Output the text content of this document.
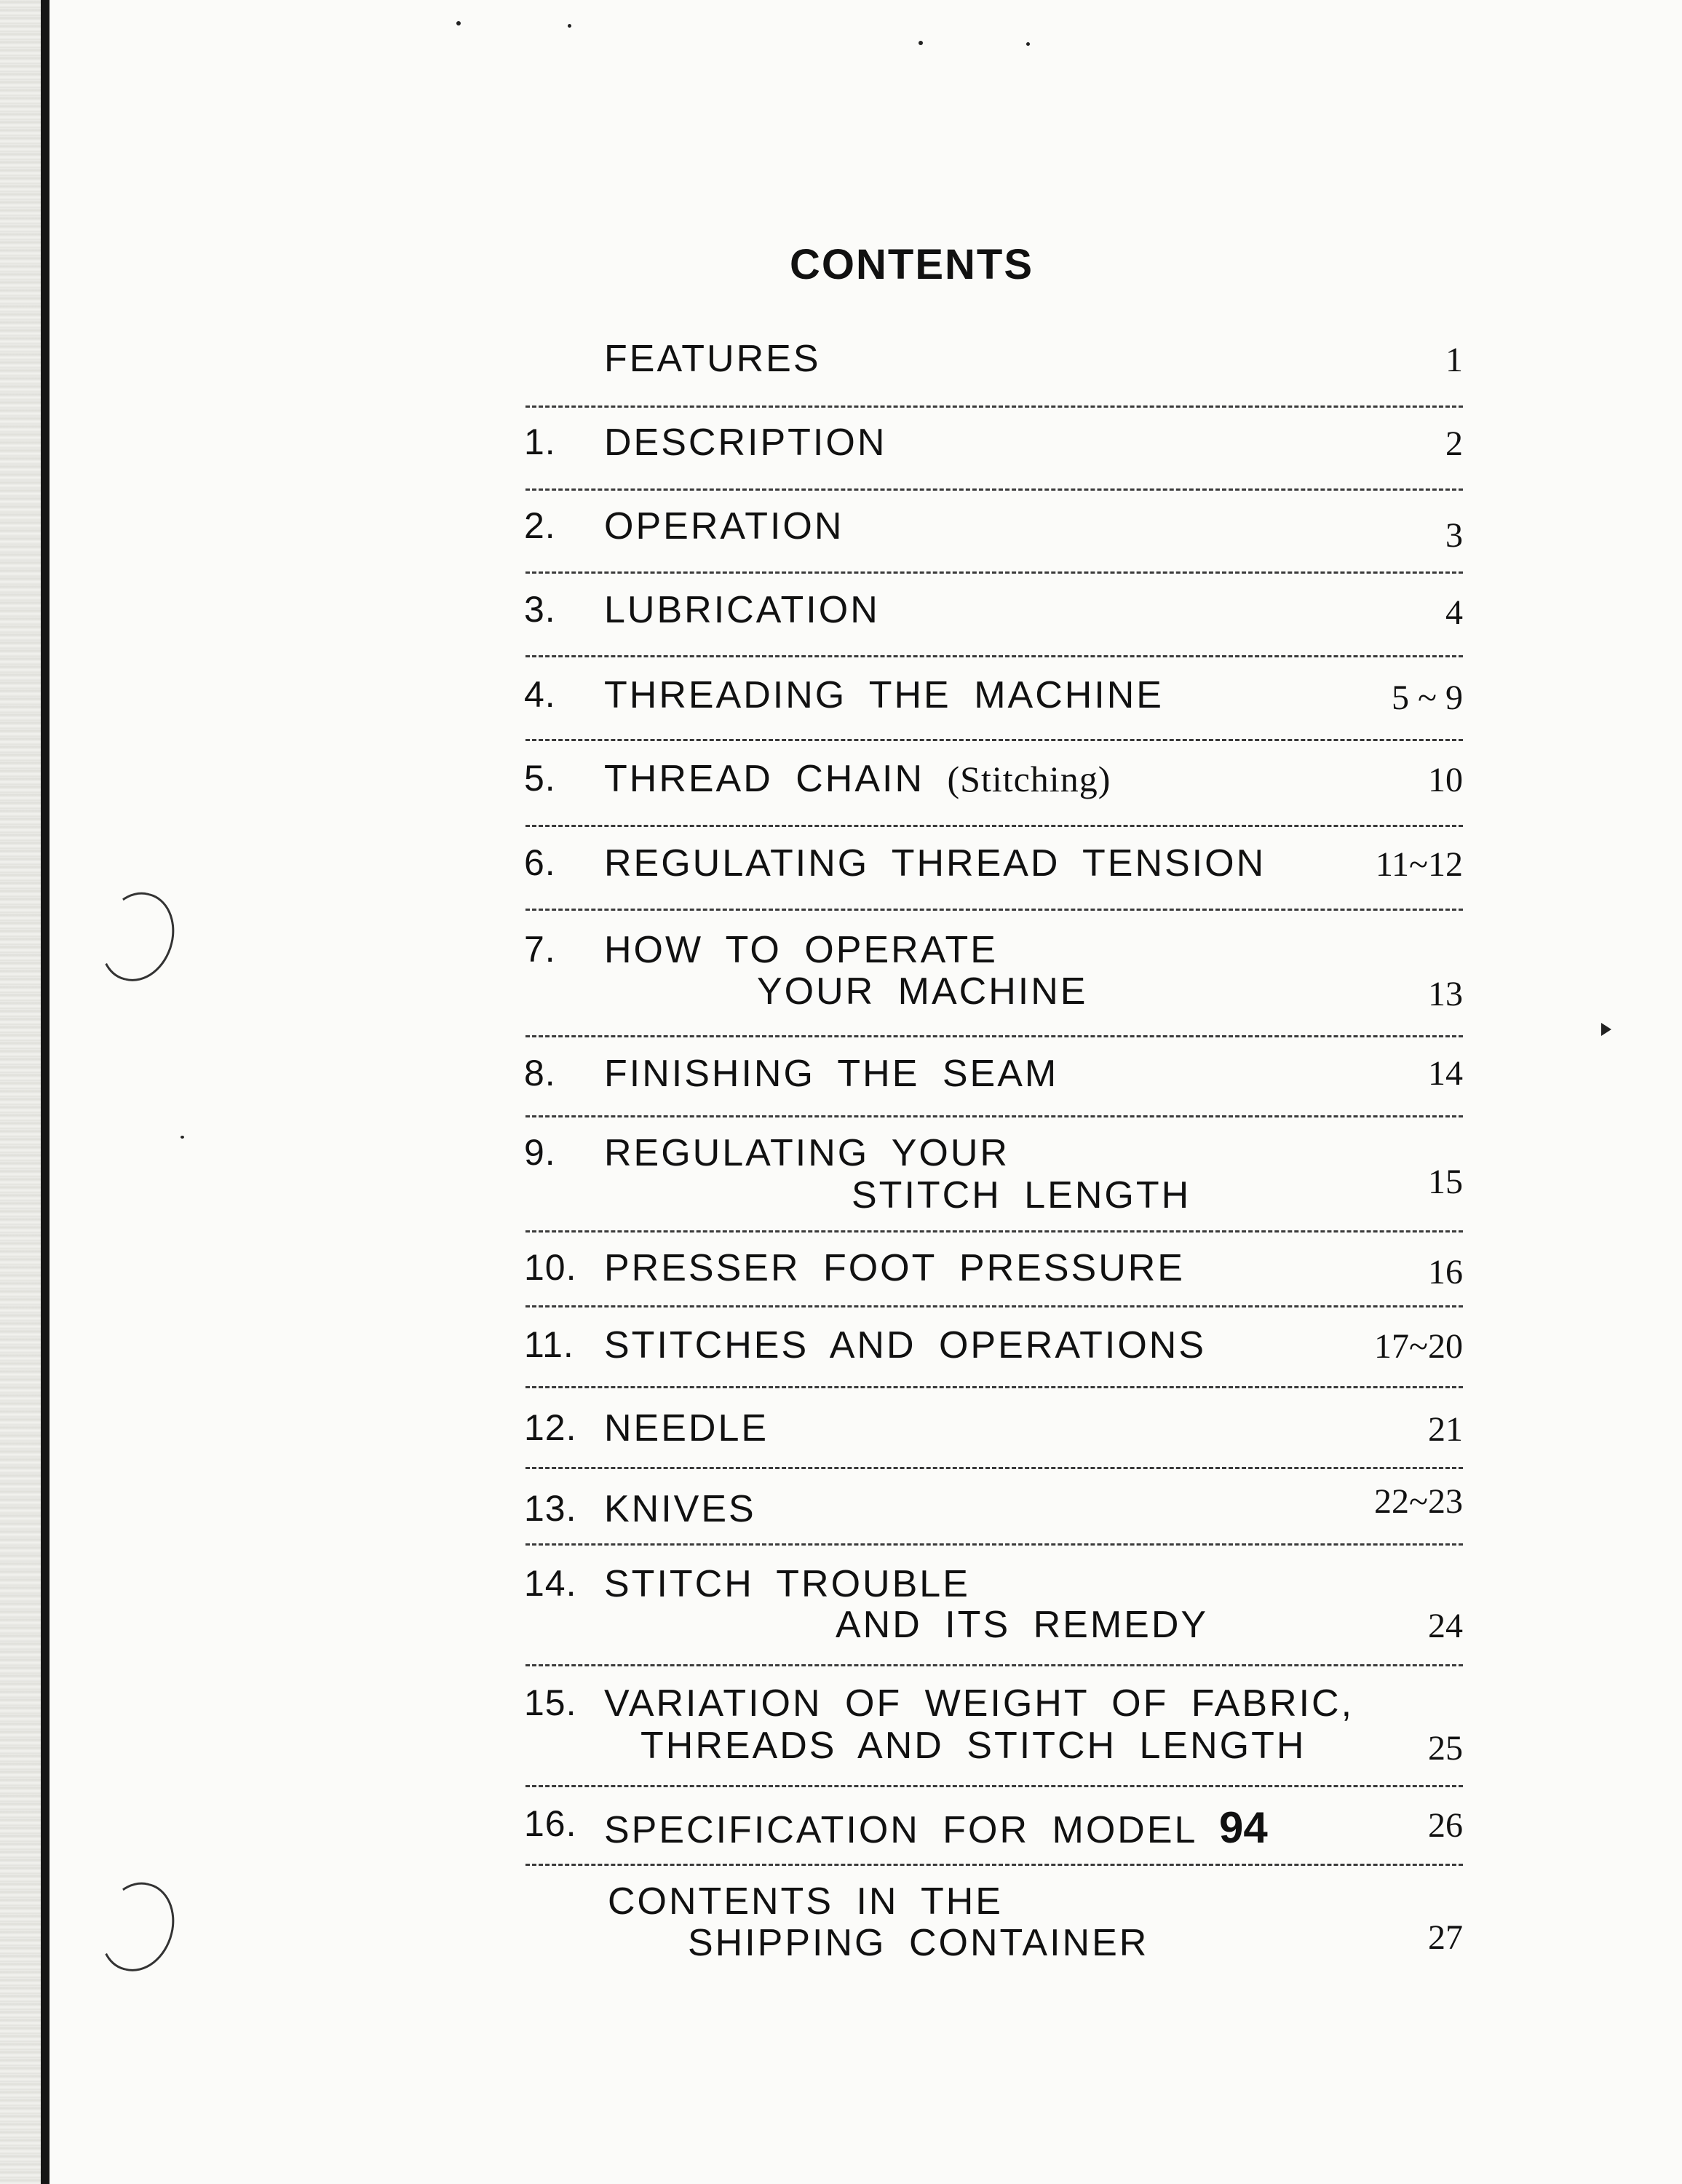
CONTENTS
FEATURES	1
1.	DESCRIPTION	2
2.	OPERATION	3
3.	LUBRICATION	4
4.	THREADING THE MACHINE	5 ~ 9
5.	THREAD CHAIN (Stitching)	10
6.	REGULATING THREAD TENSION	11~12
7.	HOW TO OPERATE
YOUR MACHINE	13
8.	FINISHING THE SEAM	14
9.	REGULATING YOUR
STITCH LENGTH	15
10. PRESSER FOOT PRESSURE	16
11. STITCHES AND OPERATIONS	17~20
12. NEEDLE	21
13. KNIVES	22~23
14. STITCH TROUBLE
AND ITS REMEDY	24
15. VARIATION OF WEIGHT OF FABRIC,
THREADS AND STITCH LENGTH	25
16. SPECIFICATION FOR MODEL 94	26
CONTENTS IN THE
SHIPPING CONTAINER	27
